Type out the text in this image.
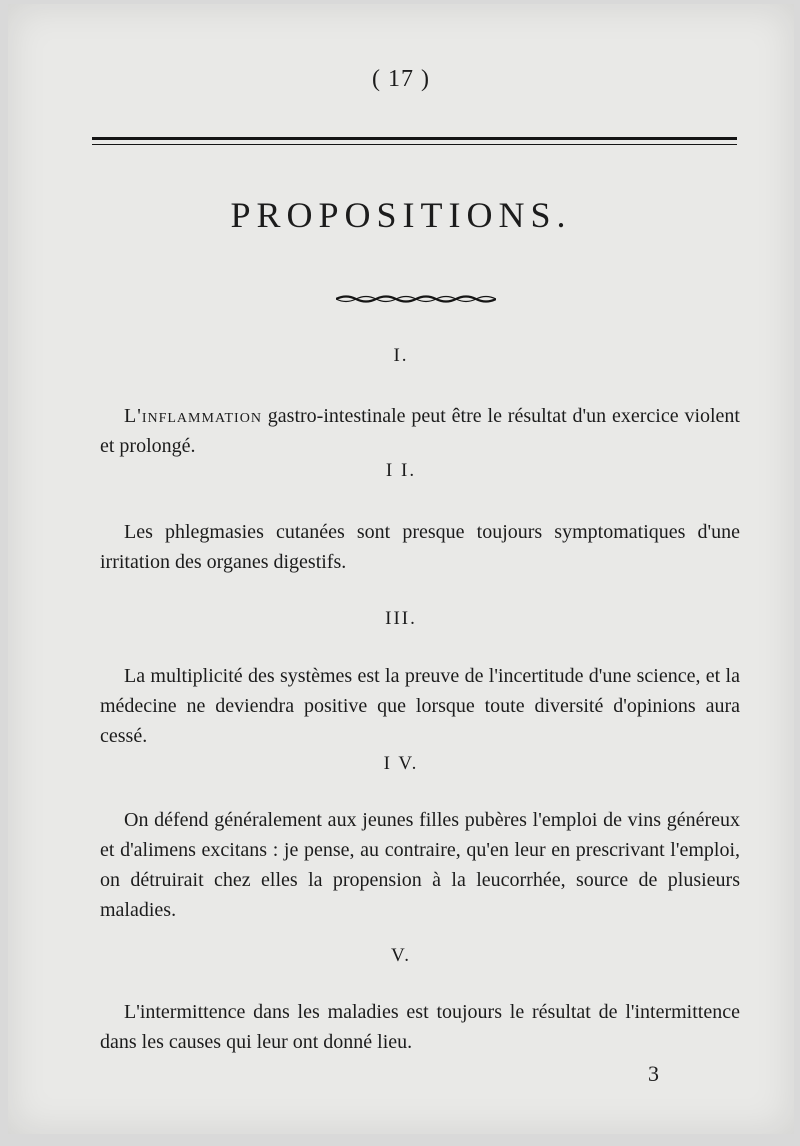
( 17 )
PROPOSITIONS.
I.
L'inflammation gastro-intestinale peut être le résultat d'un exercice violent et prolongé.
I I.
Les phlegmasies cutanées sont presque toujours symptomatiques d'une irritation des organes digestifs.
III.
La multiplicité des systèmes est la preuve de l'incertitude d'une science, et la médecine ne deviendra positive que lorsque toute diversité d'opinions aura cessé.
I V.
On défend généralement aux jeunes filles pubères l'emploi de vins généreux et d'alimens excitans : je pense, au contraire, qu'en leur en prescrivant l'emploi, on détruirait chez elles la propension à la leucorrhée, source de plusieurs maladies.
V.
L'intermittence dans les maladies est toujours le résultat de l'intermittence dans les causes qui leur ont donné lieu.
3
